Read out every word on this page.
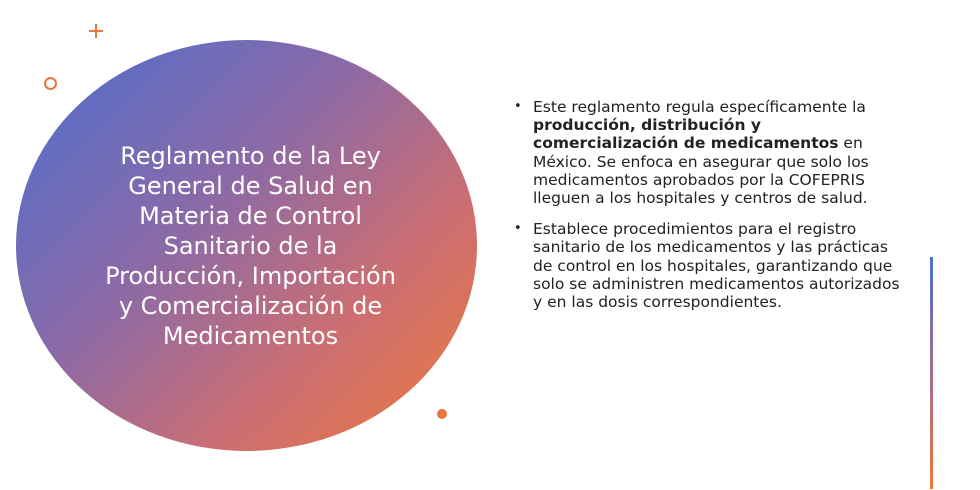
Reglamento de la Ley General de Salud en Materia de Control Sanitario de la Producción, Importación y Comercialización de Medicamentos
• Este reglamento regula específicamente la producción, distribución y comercialización de medicamentos en México. Se enfoca en asegurar que solo los medicamentos aprobados por la COFEPRIS lleguen a los hospitales y centros de salud.
• Establece procedimientos para el registro sanitario de los medicamentos y las prácticas de control en los hospitales, garantizando que solo se administren medicamentos autorizados y en las dosis correspondientes.
